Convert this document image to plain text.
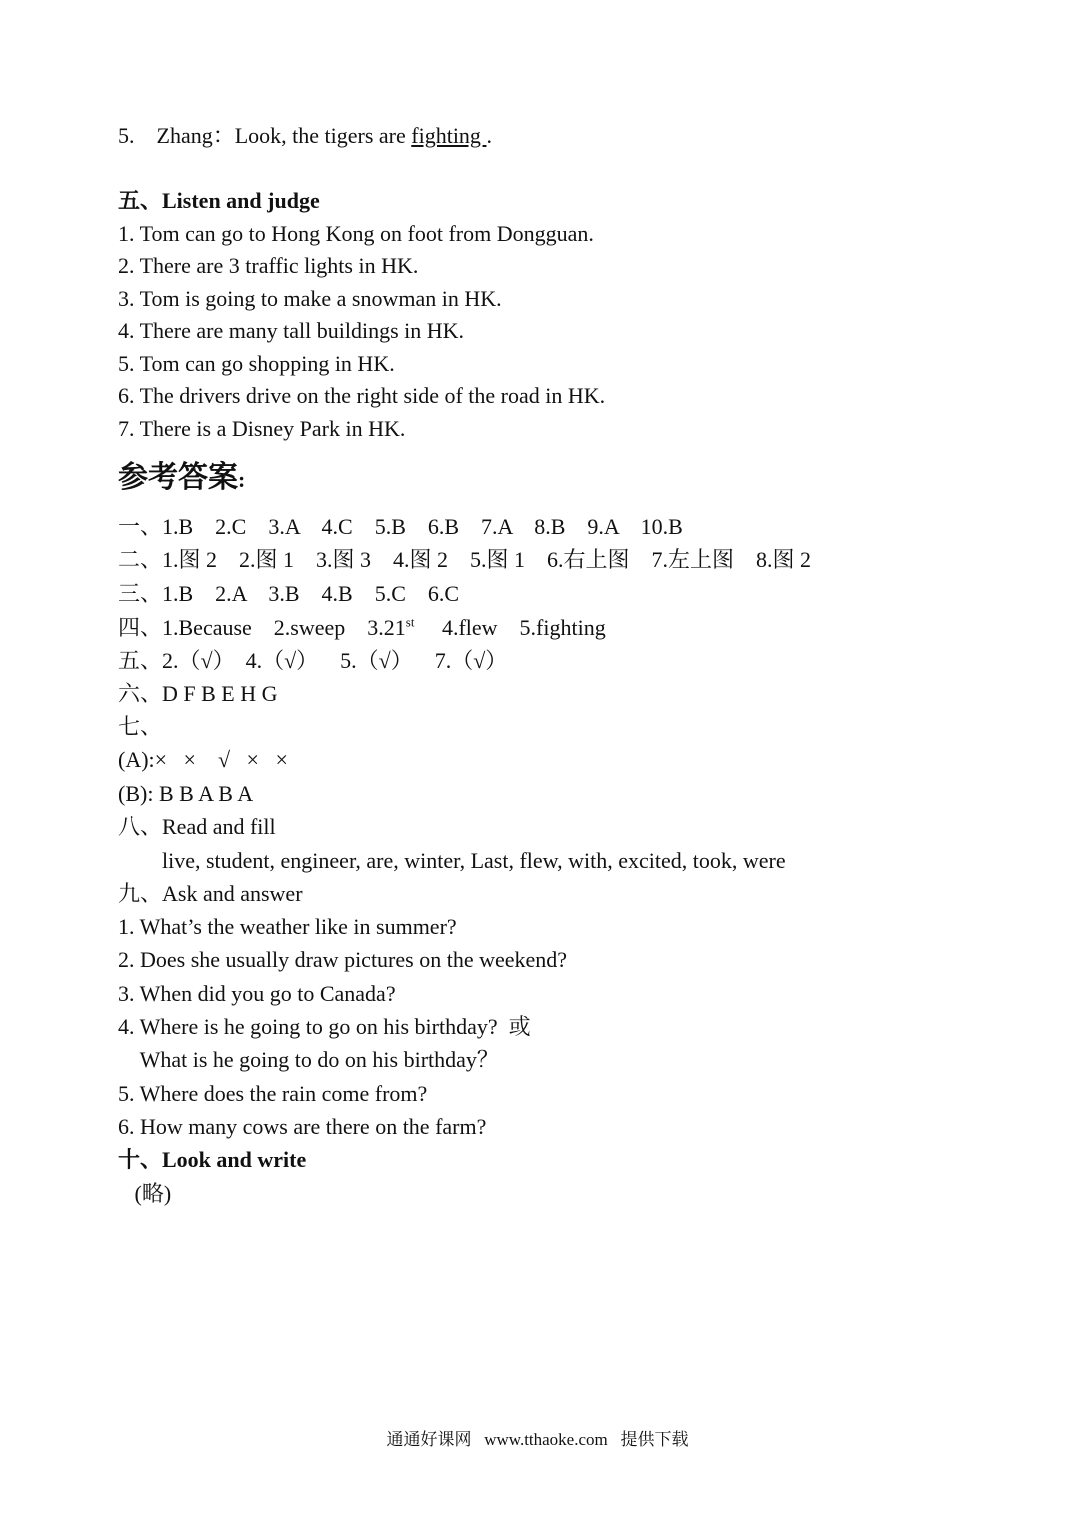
5.    Zhang：Look, the tigers are fighting .
五、Listen and judge
1. Tom can go to Hong Kong on foot from Dongguan.
2. There are 3 traffic lights in HK.
3. Tom is going to make a snowman in HK.
4. There are many tall buildings in HK.
5. Tom can go shopping in HK.
6. The drivers drive on the right side of the road in HK.
7. There is a Disney Park in HK.
参考答案:
一、1.B    2.C    3.A    4.C    5.B    6.B    7.A    8.B    9.A    10.B
二、1.图 2    2.图 1    3.图 3    4.图 2    5.图 1    6.右上图    7.左上图    8.图 2
三、1.B    2.A    3.B    4.B    5.C    6.C
四、1.Because    2.sweep    3.21st     4.flew    5.fighting
五、2.（√）  4.（√）    5.（√）    7.（√）
六、D F B E H G
七、
(A):×   ×    √   ×   ×
(B): B B A B A
八、Read and fill
live, student, engineer, are, winter, Last, flew, with, excited, took, were
九、Ask and answer
1. What’s the weather like in summer?
2. Does she usually draw pictures on the weekend?
3. When did you go to Canada?
4. Where is he going to go on his birthday?  或
What is he going to do on his birthday？
5. Where does the rain come from?
6. How many cows are there on the farm?
十、Look and write
(略)
通通好课网   www.tthaoke.com   提供下载
